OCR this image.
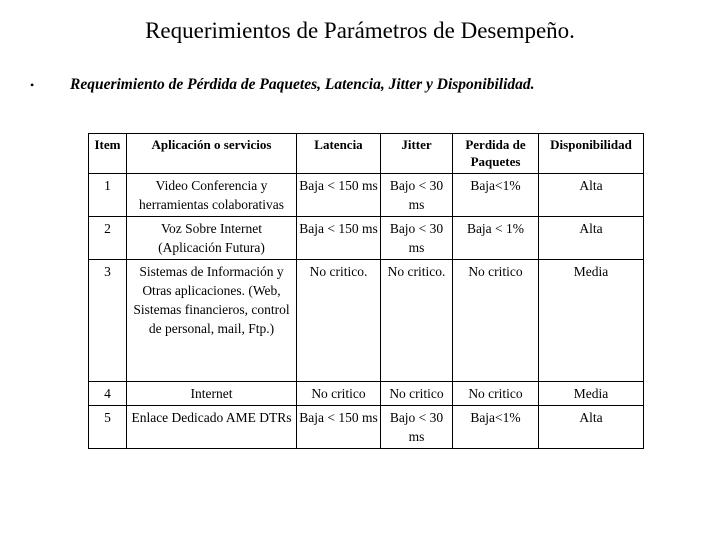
Requerimientos de Parámetros de Desempeño.
•	Requerimiento de Pérdida de Paquetes, Latencia, Jitter y Disponibilidad.
Item	Aplicación o servicios	Latencia	Jitter	Perdida de Paquetes	Disponibilidad
1	Video Conferencia y herramientas colaborativas	Baja < 150 ms	Bajo < 30 ms	Baja<1%	Alta
2	Voz Sobre Internet (Aplicación Futura)	Baja < 150 ms	Bajo < 30 ms	Baja < 1%	Alta
3	Sistemas de Información y Otras aplicaciones. (Web, Sistemas financieros, control de personal, mail, Ftp.)	No critico.	No critico.	No critico	Media
4	Internet	No critico	No critico	No critico	Media
5	Enlace Dedicado AME DTRs	Baja < 150 ms	Bajo < 30 ms	Baja<1%	Alta
